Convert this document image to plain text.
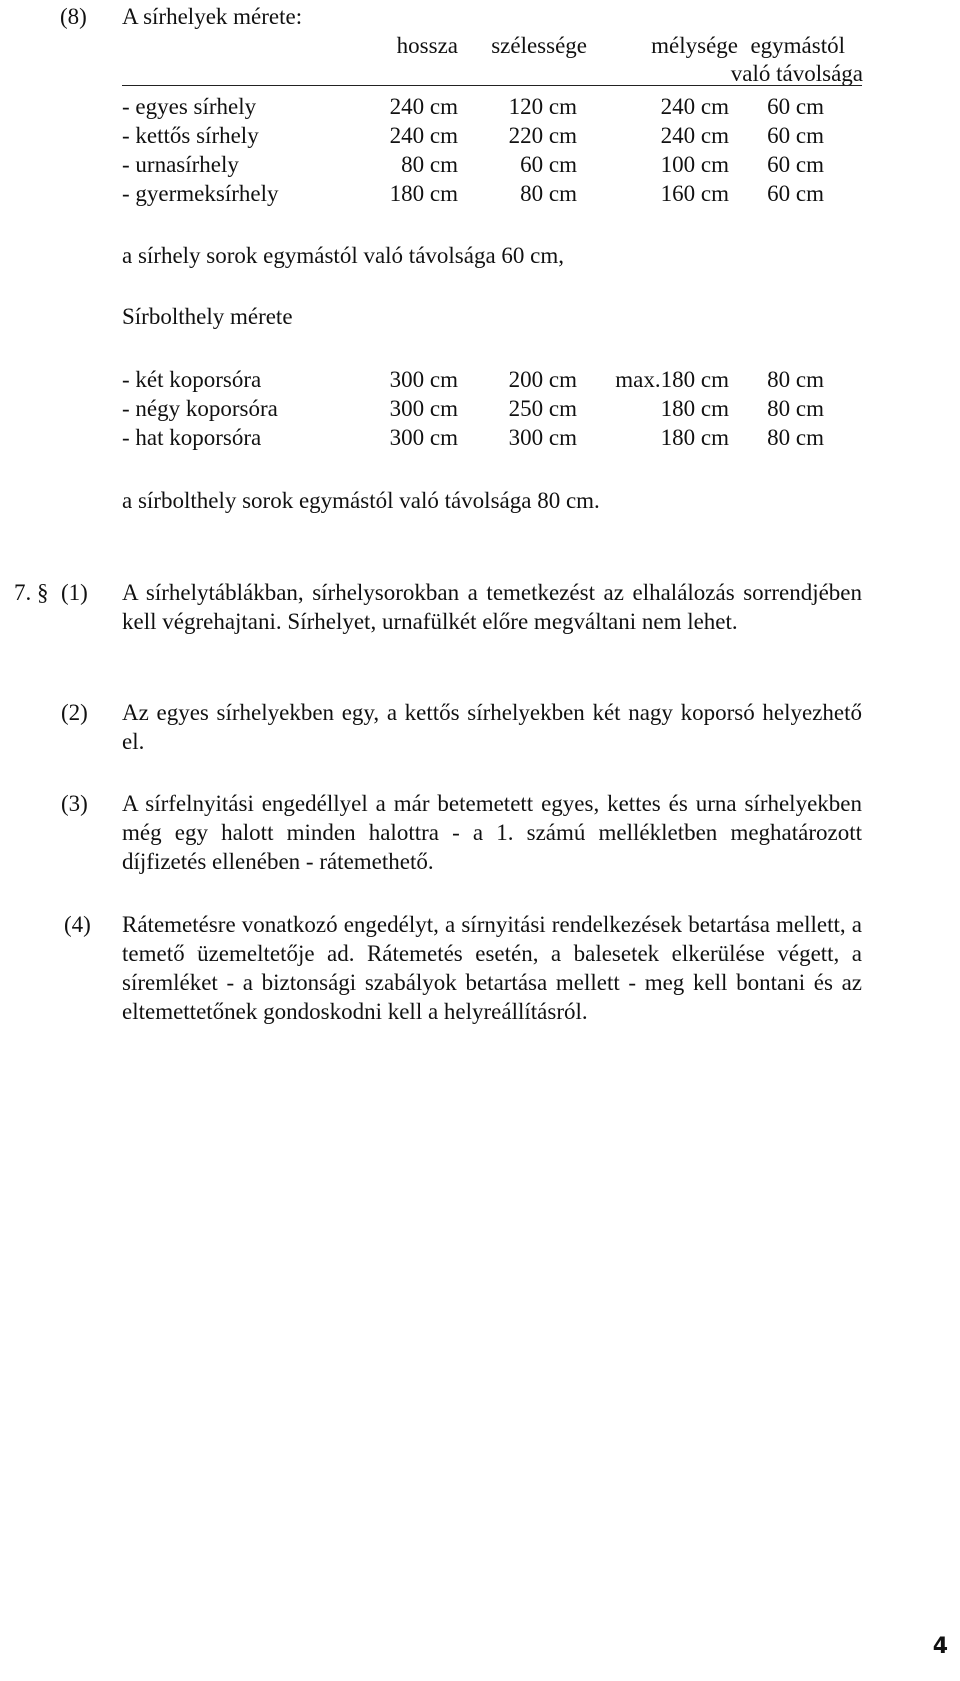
(8) A sírhelyek mérete:
hossza szélessége	mélysége egymástól
való távolsága
- egyes sírhely	240 cm 120 cm	240 cm 60 cm
- kettős sírhely	240 cm 220 cm	240 cm 60 cm
- urnasírhely	80 cm	60 cm	100 cm 60 cm
- gyermeksírhely	180 cm	80 cm	160 cm 60 cm
a sírhely sorok egymástól való távolsága 60 cm,
Sírbolthely mérete
- két koporsóra	300 cm 200 cm max.180 cm 80 cm
- négy koporsóra	300 cm 250 cm	180 cm 80 cm
- hat koporsóra	300 cm 300 cm	180 cm 80 cm
a sírbolthely sorok egymástól való távolsága 80 cm.
7. § (1) A sírhelytáblákban, sírhelysorokban a temetkezést az elhalálozás sorrendjében kell végrehajtani. Sírhelyet, urnafülkét előre megváltani nem lehet.
(2) Az egyes sírhelyekben egy, a kettős sírhelyekben két nagy koporsó helyezhető el.
(3) A sírfelnyitási engedéllyel a már betemetett egyes, kettes és urna sírhelyekben még egy halott minden halottra - a 1. számú mellékletben meghatározott díjfizetés ellenében - rátemethető.
(4) Rátemetésre vonatkozó engedélyt, a sírnyitási rendelkezések betartása mellett, a temető üzemeltetője ad. Rátemetés esetén, a balesetek elkerülése végett, a síremléket - a biztonsági szabályok betartása mellett - meg kell bontani és az eltemettetőnek gondoskodni kell a helyreállításról.
4
